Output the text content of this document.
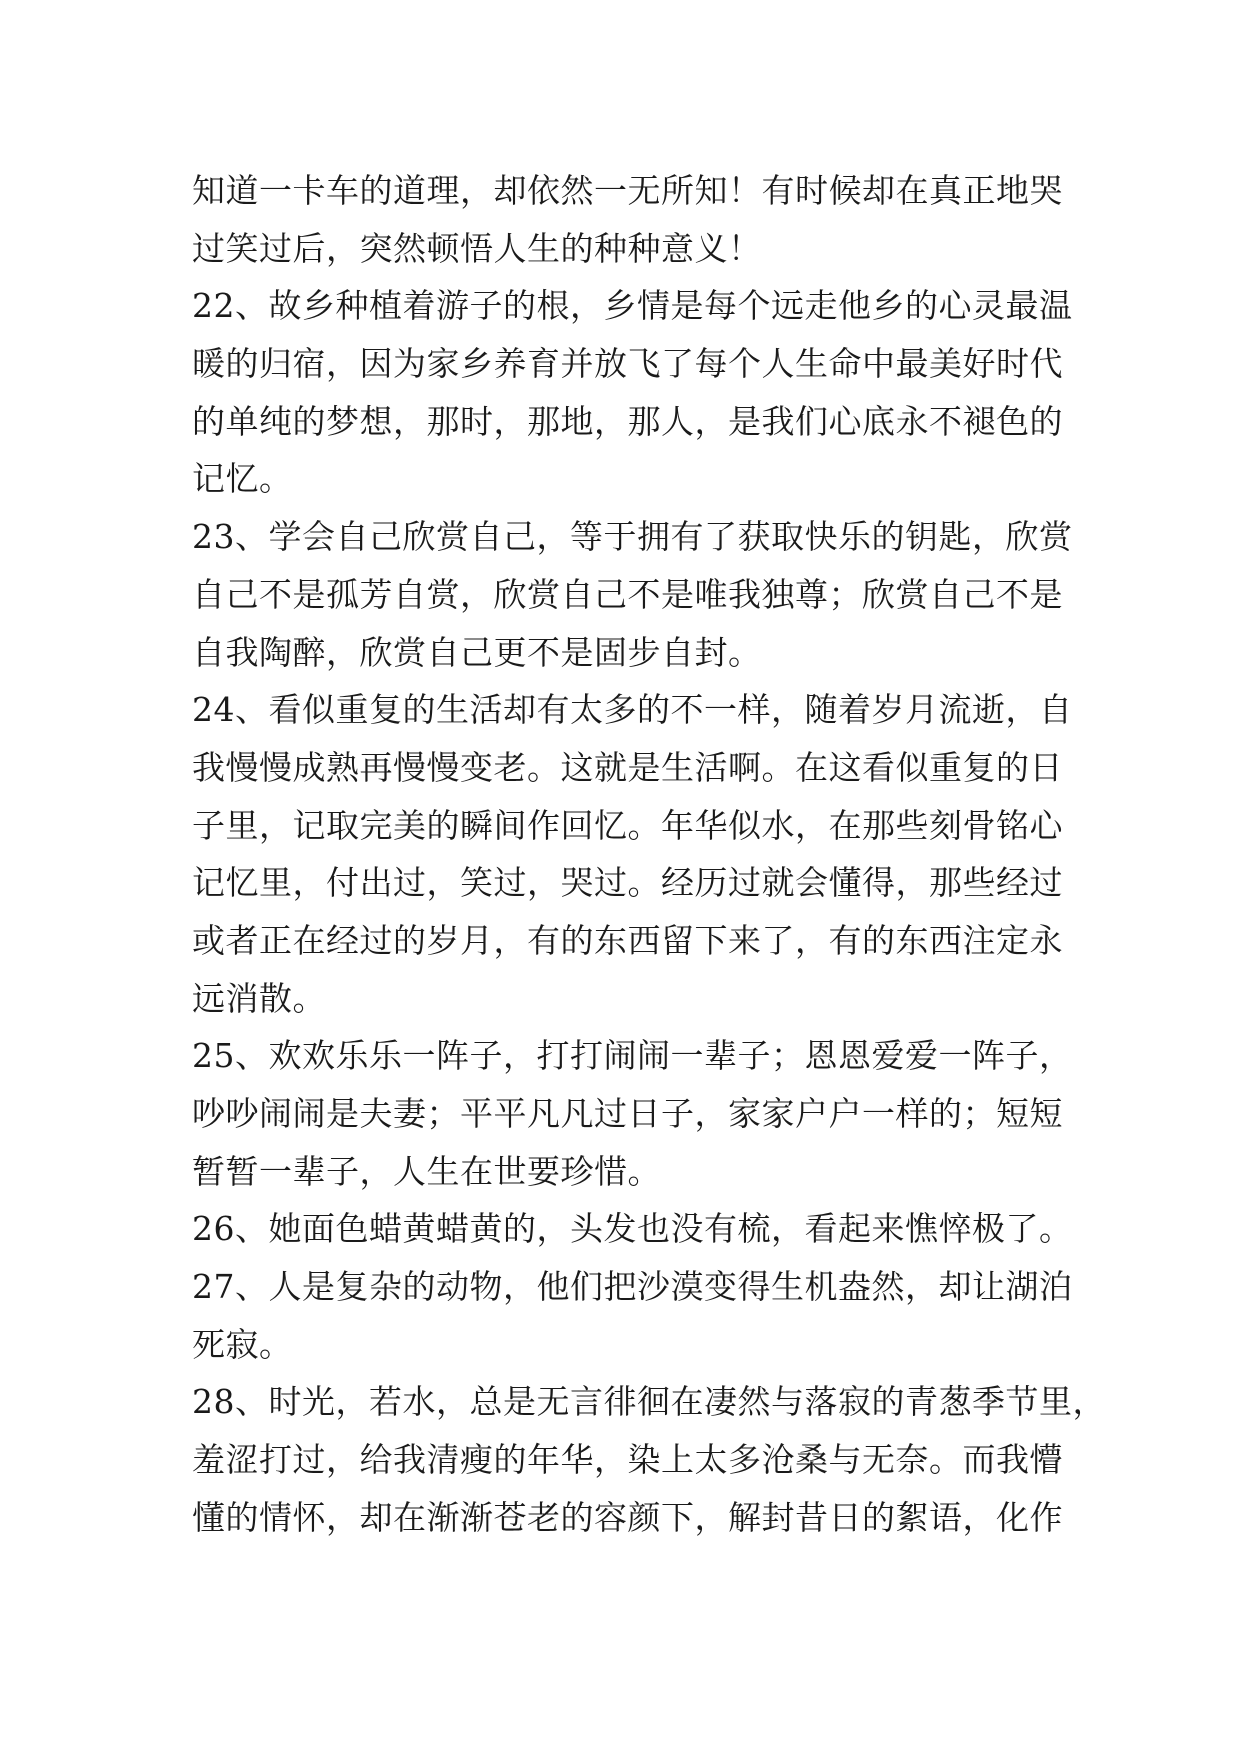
知道一卡车的道理，却依然一无所知！有时候却在真正地哭
过笑过后，突然顿悟人生的种种意义！
22、故乡种植着游子的根，乡情是每个远走他乡的心灵最温
暖的归宿，因为家乡养育并放飞了每个人生命中最美好时代
的单纯的梦想，那时，那地，那人，是我们心底永不褪色的
记忆。
23、学会自己欣赏自己，等于拥有了获取快乐的钥匙，欣赏
自己不是孤芳自赏，欣赏自己不是唯我独尊；欣赏自己不是
自我陶醉，欣赏自己更不是固步自封。
24、看似重复的生活却有太多的不一样，随着岁月流逝，自
我慢慢成熟再慢慢变老。这就是生活啊。在这看似重复的日
子里，记取完美的瞬间作回忆。年华似水，在那些刻骨铭心
记忆里，付出过，笑过，哭过。经历过就会懂得，那些经过
或者正在经过的岁月，有的东西留下来了，有的东西注定永
远消散。
25、欢欢乐乐一阵子，打打闹闹一辈子；恩恩爱爱一阵子，
吵吵闹闹是夫妻；平平凡凡过日子，家家户户一样的；短短
暂暂一辈子，人生在世要珍惜。
26、她面色蜡黄蜡黄的，头发也没有梳，看起来憔悴极了。
27、人是复杂的动物，他们把沙漠变得生机盎然，却让湖泊
死寂。
28、时光，若水，总是无言徘徊在凄然与落寂的青葱季节里，
羞涩打过，给我清瘦的年华，染上太多沧桑与无奈。而我懵
懂的情怀，却在渐渐苍老的容颜下，解封昔日的絮语，化作
